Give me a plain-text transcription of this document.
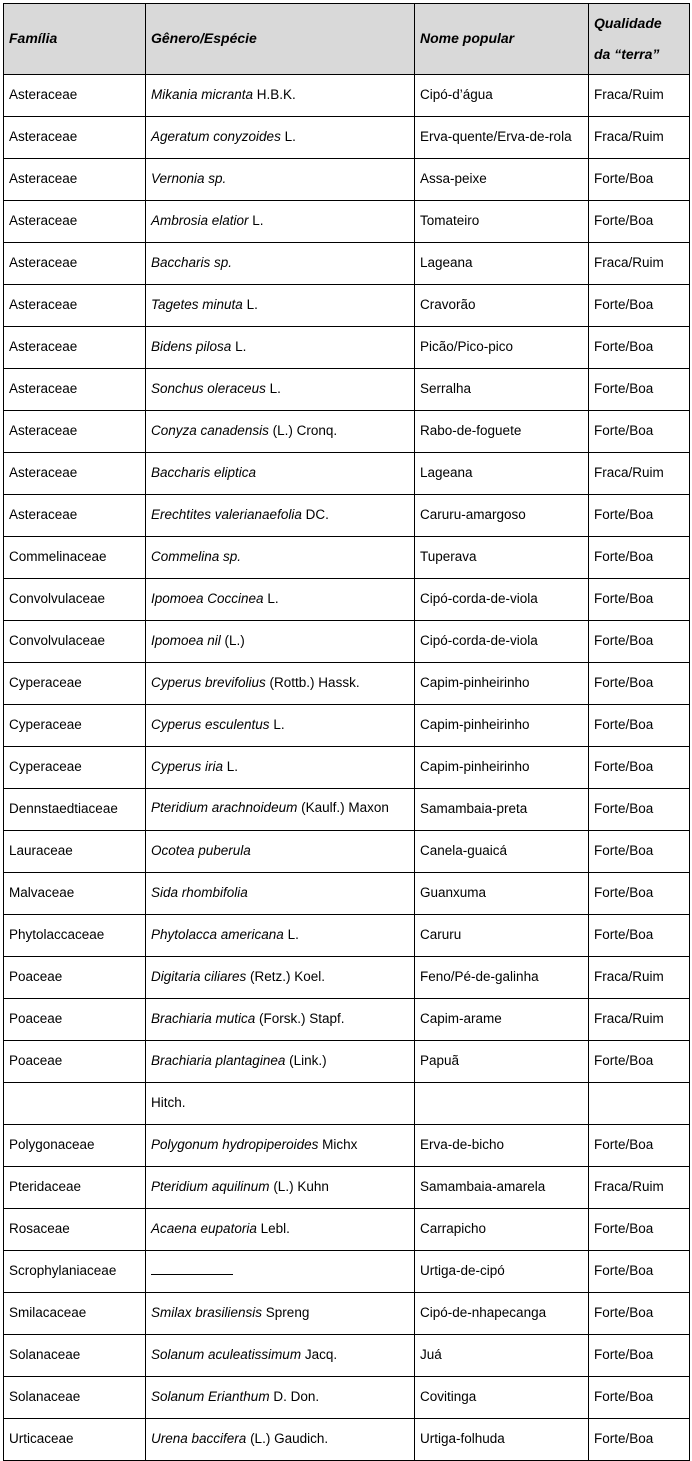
Família	Gênero/Espécie	Nome popular	Qualidade
da “terra”

Asteraceae	Mikania micranta H.B.K.	Cipó-d’água	Fraca/Ruim
Asteraceae	Ageratum conyzoides L.	Erva-quente/Erva-de-rola	Fraca/Ruim
Asteraceae	Vernonia sp.	Assa-peixe	Forte/Boa
Asteraceae	Ambrosia elatior L.	Tomateiro	Forte/Boa
Asteraceae	Baccharis sp.	Lageana	Fraca/Ruim
Asteraceae	Tagetes minuta L.	Cravorão	Forte/Boa
Asteraceae	Bidens pilosa L.	Picão/Pico-pico	Forte/Boa
Asteraceae	Sonchus oleraceus L.	Serralha	Forte/Boa
Asteraceae	Conyza canadensis (L.) Cronq.	Rabo-de-foguete	Forte/Boa
Asteraceae	Baccharis eliptica	Lageana	Fraca/Ruim
Asteraceae	Erechtites valerianaefolia DC.	Caruru-amargoso	Forte/Boa
Commelinaceae	Commelina sp.	Tuperava	Forte/Boa
Convolvulaceae	Ipomoea Coccinea L.	Cipó-corda-de-viola	Forte/Boa
Convolvulaceae	Ipomoea nil (L.)	Cipó-corda-de-viola	Forte/Boa
Cyperaceae	Cyperus brevifolius (Rottb.) Hassk.	Capim-pinheirinho	Forte/Boa
Cyperaceae	Cyperus esculentus L.	Capim-pinheirinho	Forte/Boa
Cyperaceae	Cyperus iria L.	Capim-pinheirinho	Forte/Boa
Dennstaedtiaceae	Pteridium arachnoideum (Kaulf.) Maxon	Samambaia-preta	Forte/Boa
Lauraceae	Ocotea puberula	Canela-guaicá	Forte/Boa
Malvaceae	Sida rhombifolia	Guanxuma	Forte/Boa
Phytolaccaceae	Phytolacca americana L.	Caruru	Forte/Boa
Poaceae	Digitaria ciliares (Retz.) Koel.	Feno/Pé-de-galinha	Fraca/Ruim
Poaceae	Brachiaria mutica (Forsk.) Stapf.	Capim-arame	Fraca/Ruim
Poaceae	Brachiaria plantaginea (Link.)	Papuã	Forte/Boa
	Hitch.		
Polygonaceae	Polygonum hydropiperoides Michx	Erva-de-bicho	Forte/Boa
Pteridaceae	Pteridium aquilinum (L.) Kuhn	Samambaia-amarela	Fraca/Ruim
Rosaceae	Acaena eupatoria Lebl.	Carrapicho	Forte/Boa
Scrophylaniaceae		Urtiga-de-cipó	Forte/Boa
Smilacaceae	Smilax brasiliensis Spreng	Cipó-de-nhapecanga	Forte/Boa
Solanaceae	Solanum aculeatissimum Jacq.	Juá	Forte/Boa
Solanaceae	Solanum Erianthum D. Don.	Covitinga	Forte/Boa
Urticaceae	Urena baccifera (L.) Gaudich.	Urtiga-folhuda	Forte/Boa
